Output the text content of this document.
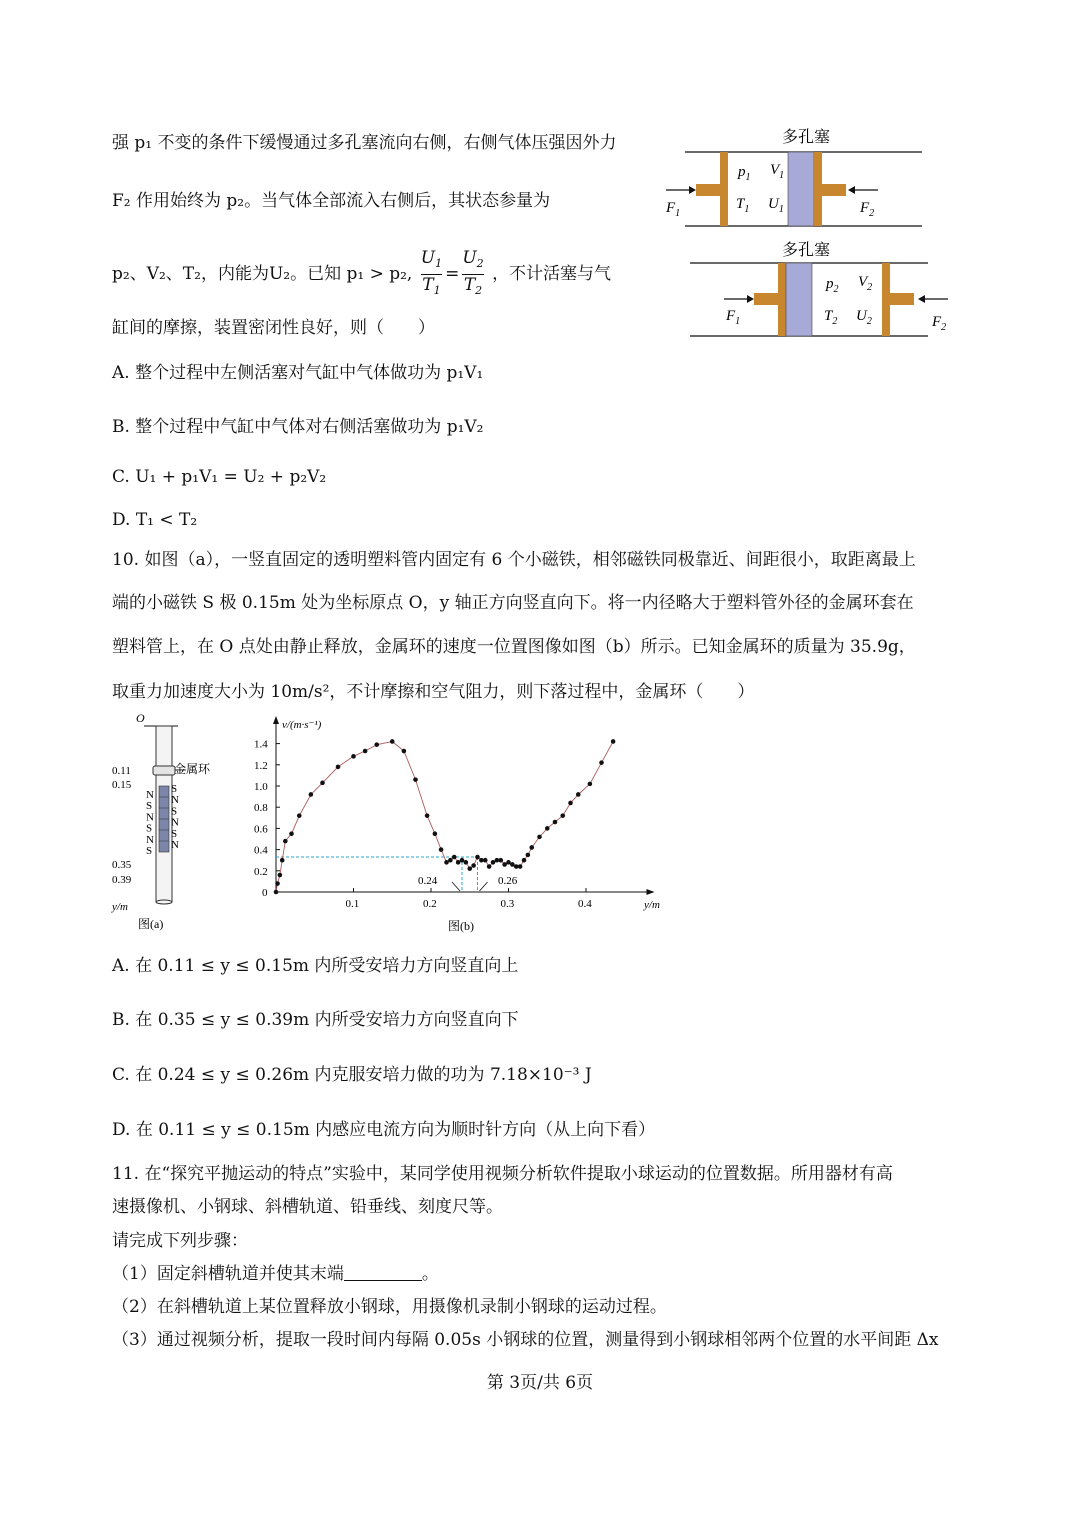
强 p₁ 不变的条件下缓慢通过多孔塞流向右侧，右侧气体压强因外力
F₂ 作用始终为 p₂。当气体全部流入右侧后，其状态参量为
p₂、V₂、T₂，内能为U₂。已知 p₁ > p₂, $\frac{U_1}{T_1} = \frac{U_2}{T_2}$ ，不计活塞与气
缸间的摩擦，装置密闭性良好，则（　　）
A. 整个过程中左侧活塞对气缸中气体做功为 p₁V₁
B. 整个过程中气缸中气体对右侧活塞做功为 p₁V₂
C. U₁ + p₁V₁ = U₂ + p₂V₂
D. T₁ < T₂
多孔塞
$p_1$ $V_1$
$T_1$ $U_1$
$F_1$	$F_2$
多孔塞
$p_2$ $V_2$
$T_2$ $U_2$
$F_1$	$F_2$
10. 如图（a），一竖直固定的透明塑料管内固定有 6 个小磁铁，相邻磁铁同极靠近、间距很小，取距离最上
端的小磁铁 S 极 0.15m 处为坐标原点 O，y 轴正方向竖直向下。将一内径略大于塑料管外径的金属环套在
塑料管上，在 O 点处由静止释放，金属环的速度一位置图像如图（b）所示。已知金属环的质量为 35.9g，
取重力加速度大小为 10m/s²，不计摩擦和空气阻力，则下落过程中，金属环（　　）
O
金属环
N
S
N
S
N
S
S
N
S
N
S
N
0.11
0.15
0.35
0.39
y/m
图(a)
0.1	0.2	0.3	0.4
0.2
0.4
0.6
0.8
1.0
1.2
1.4
v/(m·s⁻¹)
y/m
0
0.24	0.26
图(b)
A. 在 0.11 ≤ y ≤ 0.15m 内所受安培力方向竖直向上
B. 在 0.35 ≤ y ≤ 0.39m 内所受安培力方向竖直向下
C. 在 0.24 ≤ y ≤ 0.26m 内克服安培力做的功为 7.18×10⁻³ J
D. 在 0.11 ≤ y ≤ 0.15m 内感应电流方向为顺时针方向（从上向下看）
11. 在“探究平抛运动的特点”实验中，某同学使用视频分析软件提取小球运动的位置数据。所用器材有高
速摄像机、小钢球、斜槽轨道、铅垂线、刻度尺等。
请完成下列步骤：
（1）固定斜槽轨道并使其末端	。
（2）在斜槽轨道上某位置释放小钢球，用摄像机录制小钢球的运动过程。
（3）通过视频分析，提取一段时间内每隔 0.05s 小钢球的位置，测量得到小钢球相邻两个位置的水平间距 Δx
第 3页/共 6页
